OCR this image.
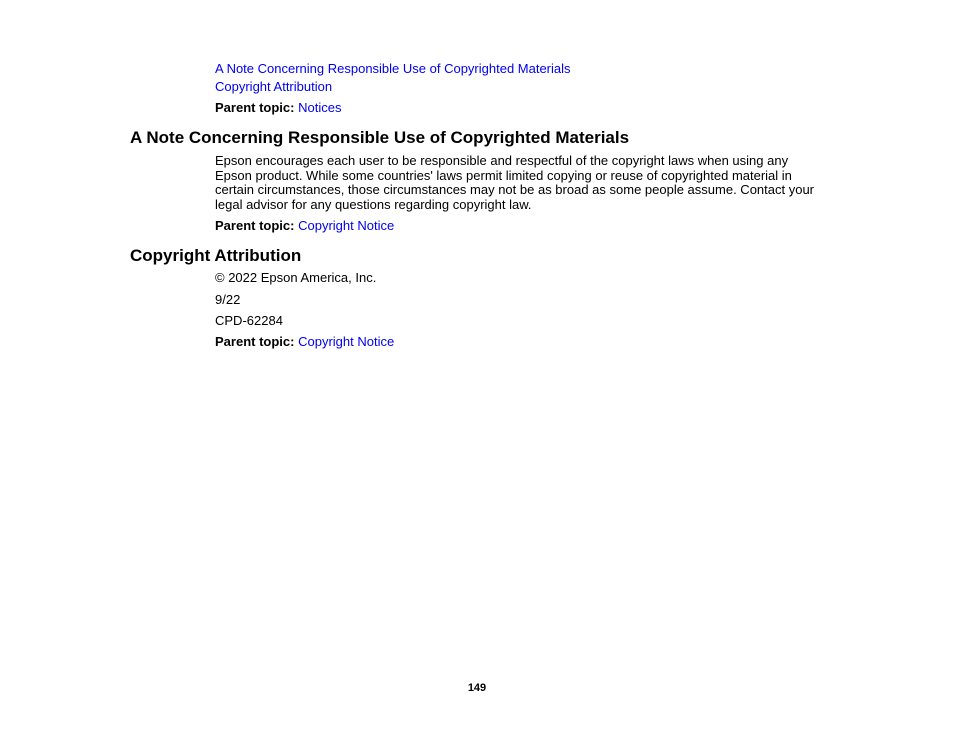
A Note Concerning Responsible Use of Copyrighted Materials
Copyright Attribution
Parent topic: Notices
A Note Concerning Responsible Use of Copyrighted Materials
Epson encourages each user to be responsible and respectful of the copyright laws when using any
Epson product. While some countries' laws permit limited copying or reuse of copyrighted material in
certain circumstances, those circumstances may not be as broad as some people assume. Contact your
legal advisor for any questions regarding copyright law.
Parent topic: Copyright Notice
Copyright Attribution
© 2022 Epson America, Inc.
9/22
CPD-62284
Parent topic: Copyright Notice
149
